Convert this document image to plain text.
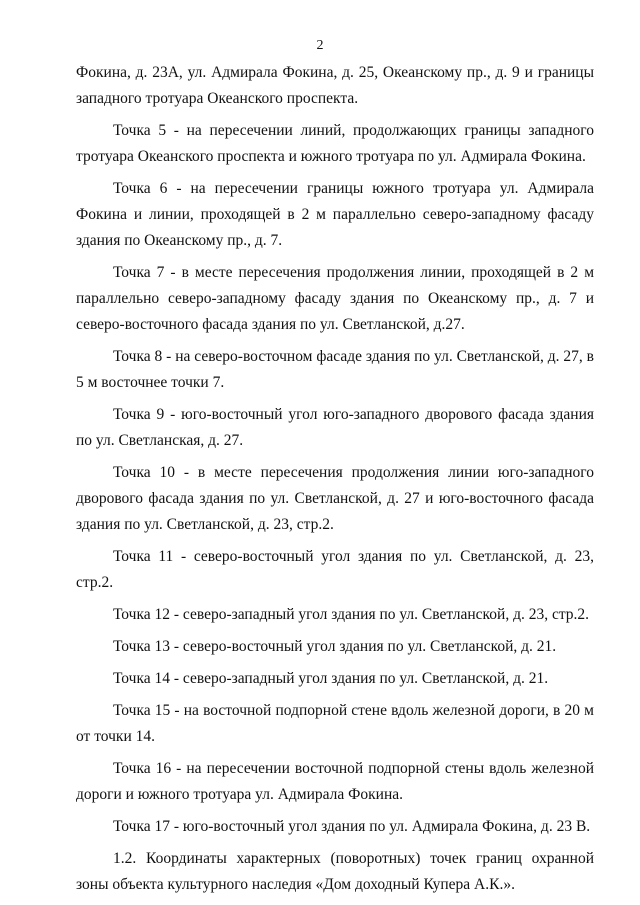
2

Фокина, д. 23А, ул. Адмирала Фокина, д. 25, Океанскому пр., д. 9 и границы западного тротуара Океанского проспекта.

Точка 5 - на пересечении линий, продолжающих границы западного тротуара Океанского проспекта и южного тротуара по ул. Адмирала Фокина.

Точка 6 - на пересечении границы южного тротуара ул. Адмирала Фокина и линии, проходящей в 2 м параллельно северо-западному фасаду здания по Океанскому пр., д. 7.

Точка 7 - в месте пересечения продолжения линии, проходящей в 2 м параллельно северо-западному фасаду здания по Океанскому пр., д. 7 и северо-восточного фасада здания по ул. Светланской, д.27.

Точка 8 - на северо-восточном фасаде здания по ул. Светланской, д. 27, в 5 м восточнее точки 7.

Точка 9 - юго-восточный угол юго-западного дворового фасада здания по ул. Светланская, д. 27.

Точка 10 - в месте пересечения продолжения линии юго-западного дворового фасада здания по ул. Светланской, д. 27 и юго-восточного фасада здания по ул. Светланской, д. 23, стр.2.

Точка 11 - северо-восточный угол здания по ул. Светланской, д. 23, стр.2.

Точка 12 - северо-западный угол здания по ул. Светланской, д. 23, стр.2.

Точка 13 - северо-восточный угол здания по ул. Светланской, д. 21.

Точка 14 - северо-западный угол здания по ул. Светланской, д. 21.

Точка 15 - на восточной подпорной стене вдоль железной дороги, в 20 м от точки 14.

Точка 16 - на пересечении восточной подпорной стены вдоль железной дороги и южного тротуара ул. Адмирала Фокина.

Точка 17 - юго-восточный угол здания по ул. Адмирала Фокина, д. 23 В.

1.2. Координаты характерных (поворотных) точек границ охранной зоны объекта культурного наследия «Дом доходный Купера А.К.».
